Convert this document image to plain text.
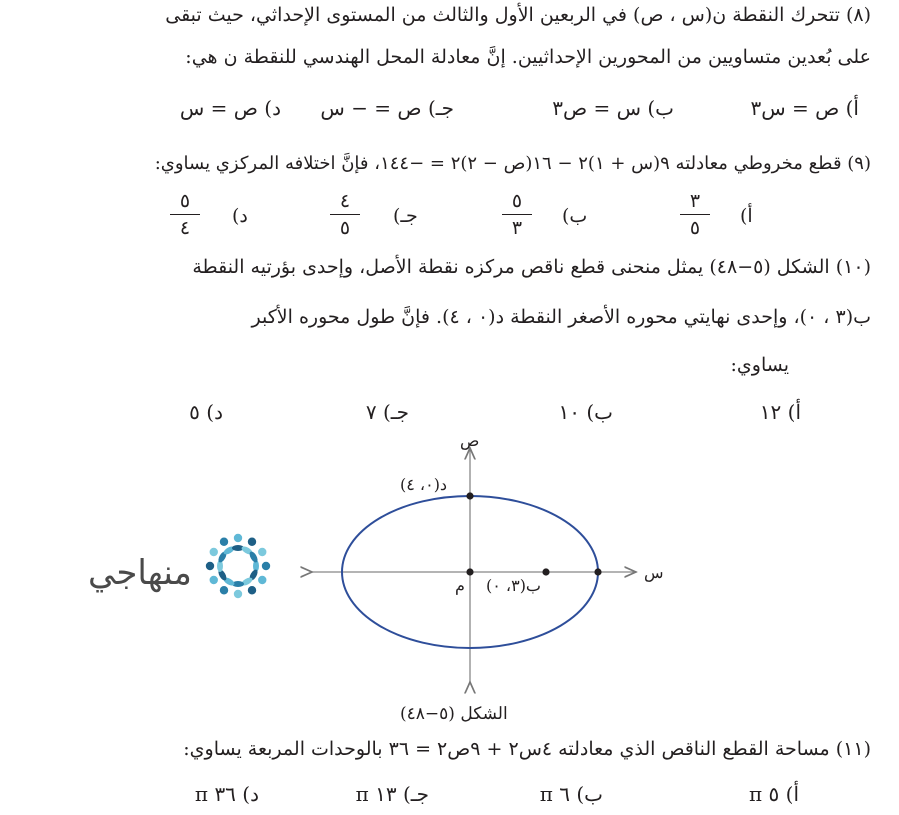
(٨) تتحرك النقطة ن(س ، ص) في الربعين الأول والثالث من المستوى الإحداثي، حيث تبقى
على بُعدين متساويين من المحورين الإحداثيين. إنَّ معادلة المحل الهندسي للنقطة ن هي:
أ) ص = س٣
ب) س = ص٣
جـ) ص = − س
د) ص = س
(٩) قطع مخروطي معادلته ٩(س + ١)٢ − ١٦(ص − ٢)٢ = −١٤٤، فإنَّ اختلافه المركزي يساوي:
أ)
٣
٥
ب)
٥
٣
جـ)
٤
٥
د)
٥
٤
(١٠) الشكل (٥−٤٨) يمثل منحنى قطع ناقص مركزه نقطة الأصل، وإحدى بؤرتيه النقطة
ب(٣ ، ٠)، وإحدى نهايتي محوره الأصغر النقطة د(٠ ، ٤). فإنَّ طول محوره الأكبر
يساوي:
أ) ١٢
ب) ١٠
جـ) ٧
د) ٥
ص
س
د(٠، ٤)
ب(٣، ٠)
م
الشكل (٥−٤٨)
منهاجي
(١١) مساحة القطع الناقص الذي معادلته ٤س٢ + ٩ص٢ = ٣٦ بالوحدات المربعة يساوي:
أ) ٥ π
ب) ٦ π
جـ) ١٣ π
د) ٣٦ π
